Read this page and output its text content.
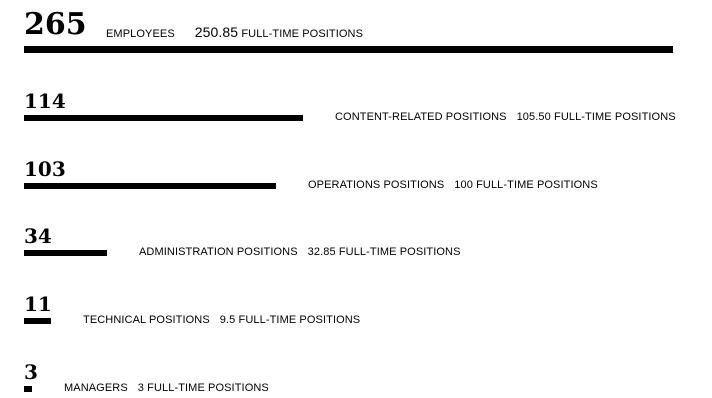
265 EMPLOYEES 250.85 FULL-TIME POSITIONS
114
CONTENT-RELATED POSITIONS 105.50 FULL-TIME POSITIONS
103
OPERATIONS POSITIONS 100 FULL-TIME POSITIONS
34
ADMINISTRATION POSITIONS 32.85 FULL-TIME POSITIONS
11
TECHNICAL POSITIONS 9.5 FULL-TIME POSITIONS
3
MANAGERS 3 FULL-TIME POSITIONS
